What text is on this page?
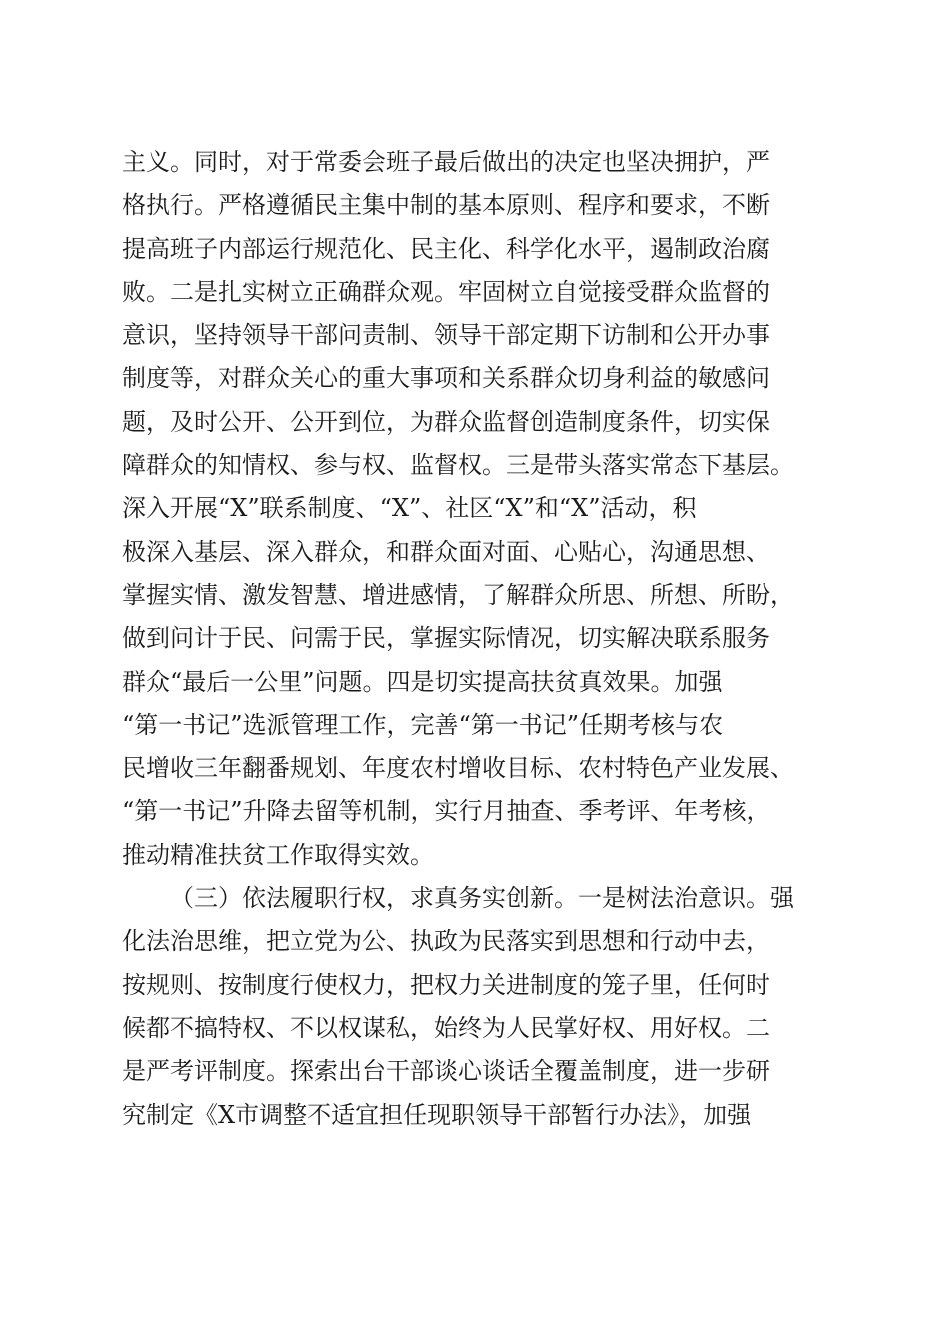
主义。同时，对于常委会班子最后做出的决定也坚决拥护，严
格执行。严格遵循民主集中制的基本原则、程序和要求，不断
提高班子内部运行规范化、民主化、科学化水平，遏制政治腐
败。二是扎实树立正确群众观。牢固树立自觉接受群众监督的
意识，坚持领导干部问责制、领导干部定期下访制和公开办事
制度等，对群众关心的重大事项和关系群众切身利益的敏感问
题，及时公开、公开到位，为群众监督创造制度条件，切实保
障群众的知情权、参与权、监督权。三是带头落实常态下基层。
深入开展“X”联系制度、“X”、社区“X”和“X”活动，积
极深入基层、深入群众，和群众面对面、心贴心，沟通思想、
掌握实情、激发智慧、增进感情，了解群众所思、所想、所盼，
做到问计于民、问需于民，掌握实际情况，切实解决联系服务
群众“最后一公里”问题。四是切实提高扶贫真效果。加强
“第一书记”选派管理工作，完善“第一书记”任期考核与农
民增收三年翻番规划、年度农村增收目标、农村特色产业发展、
“第一书记”升降去留等机制，实行月抽查、季考评、年考核，
推动精准扶贫工作取得实效。
（三）依法履职行权，求真务实创新。一是树法治意识。强
化法治思维，把立党为公、执政为民落实到思想和行动中去，
按规则、按制度行使权力，把权力关进制度的笼子里，任何时
候都不搞特权、不以权谋私，始终为人民掌好权、用好权。二
是严考评制度。探索出台干部谈心谈话全覆盖制度，进一步研
究制定《X市调整不适宜担任现职领导干部暂行办法》，加强
